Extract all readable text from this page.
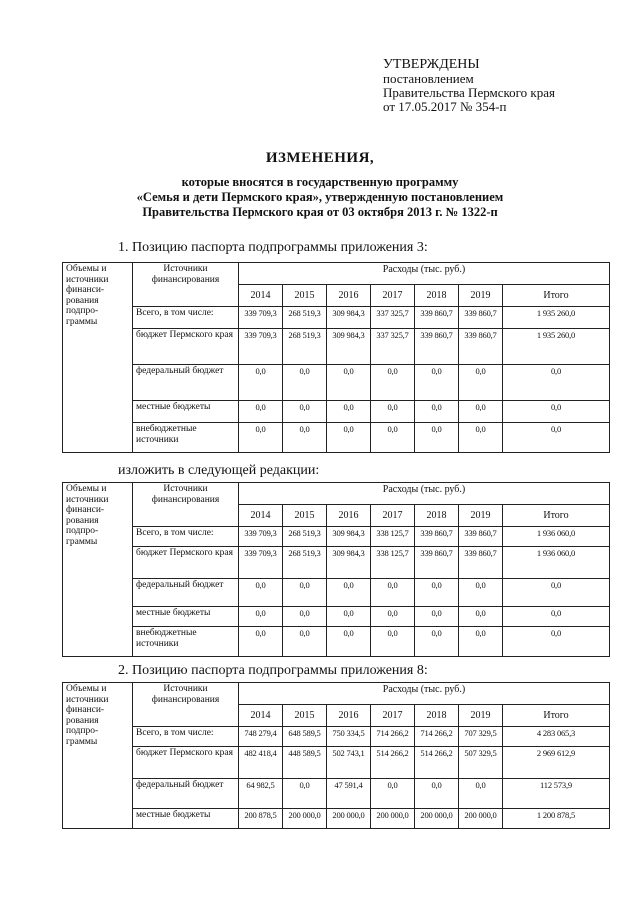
УТВЕРЖДЕНЫ
постановлением
Правительства Пермского края
от 17.05.2017 № 354-п
ИЗМЕНЕНИЯ,
которые вносятся в государственную программу
«Семья и дети Пермского края», утвержденную постановлением
Правительства Пермского края от 03 октября 2013 г. № 1322-п
1. Позицию паспорта подпрограммы приложения 3:
Объемы и источники финанси-рования подпро-граммы	Источники финансирования	Расходы (тыс. руб.)						
		2014	2015	2016	2017	2018	2019	Итого
	Всего, в том числе:	339 709,3	268 519,3	309 984,3	337 325,7	339 860,7	339 860,7	1 935 260,0
	бюджет Пермского края	339 709,3	268 519,3	309 984,3	337 325,7	339 860,7	339 860,7	1 935 260,0
	федеральный бюджет	0,0	0,0	0,0	0,0	0,0	0,0	0,0
	местные бюджеты	0,0	0,0	0,0	0,0	0,0	0,0	0,0
	внебюджетные источники	0,0	0,0	0,0	0,0	0,0	0,0	0,0
изложить в следующей редакции:
Объемы и источники финанси-рования подпро-граммы	Источники финансирования	Расходы (тыс. руб.)						
		2014	2015	2016	2017	2018	2019	Итого
	Всего, в том числе:	339 709,3	268 519,3	309 984,3	338 125,7	339 860,7	339 860,7	1 936 060,0
	бюджет Пермского края	339 709,3	268 519,3	309 984,3	338 125,7	339 860,7	339 860,7	1 936 060,0
	федеральный бюджет	0,0	0,0	0,0	0,0	0,0	0,0	0,0
	местные бюджеты	0,0	0,0	0,0	0,0	0,0	0,0	0,0
	внебюджетные источники	0,0	0,0	0,0	0,0	0,0	0,0	0,0
2. Позицию паспорта подпрограммы приложения 8:
Объемы и источники финанси-рования подпро-граммы	Источники финансирования	Расходы (тыс. руб.)						
		2014	2015	2016	2017	2018	2019	Итого
	Всего, в том числе:	748 279,4	648 589,5	750 334,5	714 266,2	714 266,2	707 329,5	4 283 065,3
	бюджет Пермского края	482 418,4	448 589,5	502 743,1	514 266,2	514 266,2	507 329,5	2 969 612,9
	федеральный бюджет	64 982,5	0,0	47 591,4	0,0	0,0	0,0	112 573,9
	местные бюджеты	200 878,5	200 000,0	200 000,0	200 000,0	200 000,0	200 000,0	1 200 878,5
